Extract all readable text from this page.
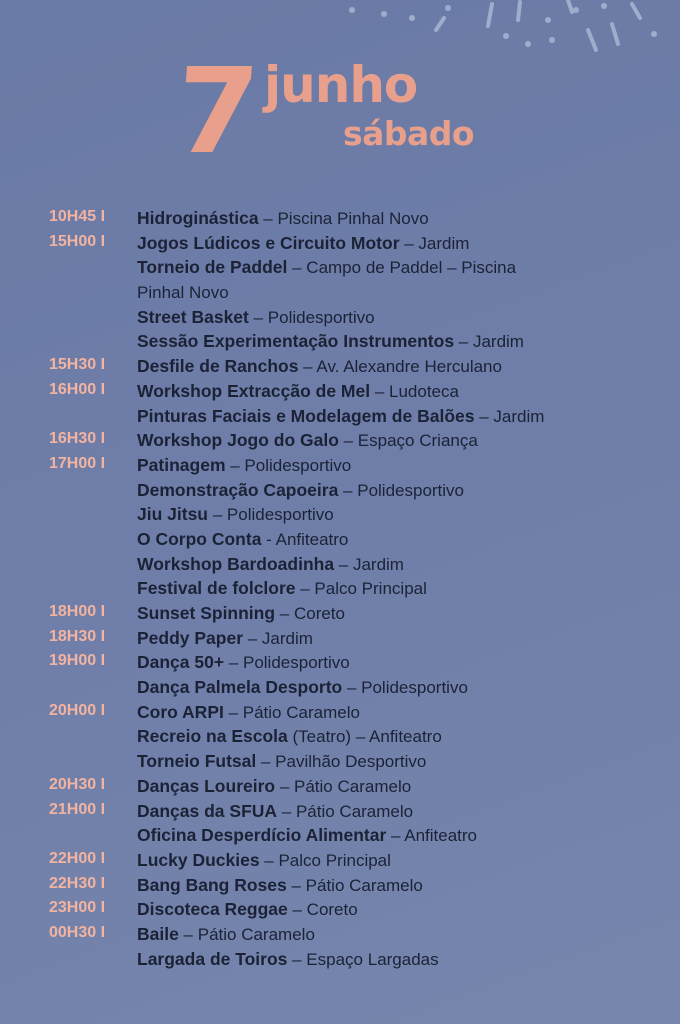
7 junho
sábado
10H45 I	Hidroginástica – Piscina Pinhal Novo
15H00 I	Jogos Lúdicos e Circuito Motor – Jardim
Torneio de Paddel – Campo de Paddel – Piscina Pinhal Novo
Street Basket – Polidesportivo
Sessão Experimentação Instrumentos – Jardim
15H30 I	Desfile de Ranchos – Av. Alexandre Herculano
16H00 I	Workshop Extracção de Mel – Ludoteca
Pinturas Faciais e Modelagem de Balões – Jardim
16H30 I	Workshop Jogo do Galo – Espaço Criança
17H00 I	Patinagem – Polidesportivo
Demonstração Capoeira – Polidesportivo
Jiu Jitsu – Polidesportivo
O Corpo Conta - Anfiteatro
Workshop Bardoadinha – Jardim
Festival de folclore – Palco Principal
18H00 I	Sunset Spinning – Coreto
18H30 I	Peddy Paper – Jardim
19H00 I	Dança 50+ – Polidesportivo
Dança Palmela Desporto – Polidesportivo
20H00 I	Coro ARPI – Pátio Caramelo
Recreio na Escola (Teatro) – Anfiteatro
Torneio Futsal – Pavilhão Desportivo
20H30 I	Danças Loureiro – Pátio Caramelo
21H00 I	Danças da SFUA – Pátio Caramelo
Oficina Desperdício Alimentar – Anfiteatro
22H00 I	Lucky Duckies – Palco Principal
22H30 I	Bang Bang Roses – Pátio Caramelo
23H00 I	Discoteca Reggae – Coreto
00H30 I	Baile – Pátio Caramelo
Largada de Toiros – Espaço Largadas
